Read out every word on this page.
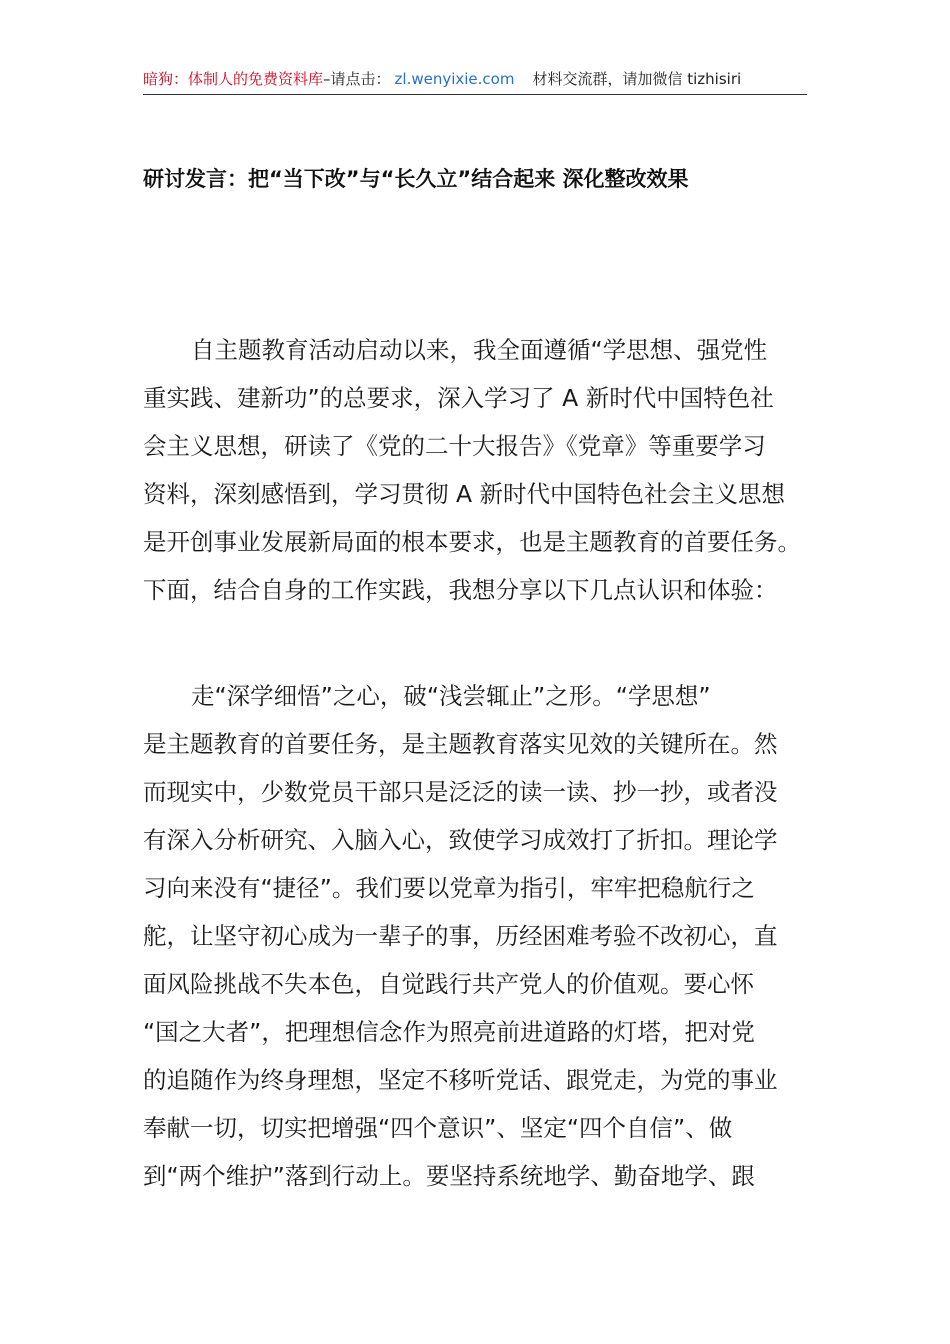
暗狗：体制人的免费资料库–请点击： zl.wenyixie.com 材料交流群，请加微信 tizhisiri
研讨发言：把“当下改”与“长久立”结合起来 深化整改效果
自主题教育活动启动以来，我全面遵循“学思想、强党性
重实践、建新功”的总要求，深入学习了 A 新时代中国特色社
会主义思想，研读了《党的二十大报告》《党章》等重要学习
资料，深刻感悟到，学习贯彻 A 新时代中国特色社会主义思想
是开创事业发展新局面的根本要求，也是主题教育的首要任务。
下面，结合自身的工作实践，我想分享以下几点认识和体验：
走“深学细悟”之心，破“浅尝辄止”之形。“学思想”
是主题教育的首要任务，是主题教育落实见效的关键所在。然
而现实中，少数党员干部只是泛泛的读一读、抄一抄，或者没
有深入分析研究、入脑入心，致使学习成效打了折扣。理论学
习向来没有“捷径”。我们要以党章为指引，牢牢把稳航行之
舵，让坚守初心成为一辈子的事，历经困难考验不改初心，直
面风险挑战不失本色，自觉践行共产党人的价值观。要心怀
“国之大者”，把理想信念作为照亮前进道路的灯塔，把对党
的追随作为终身理想，坚定不移听党话、跟党走，为党的事业
奉献一切，切实把增强“四个意识”、坚定“四个自信”、做
到“两个维护”落到行动上。要坚持系统地学、勤奋地学、跟
